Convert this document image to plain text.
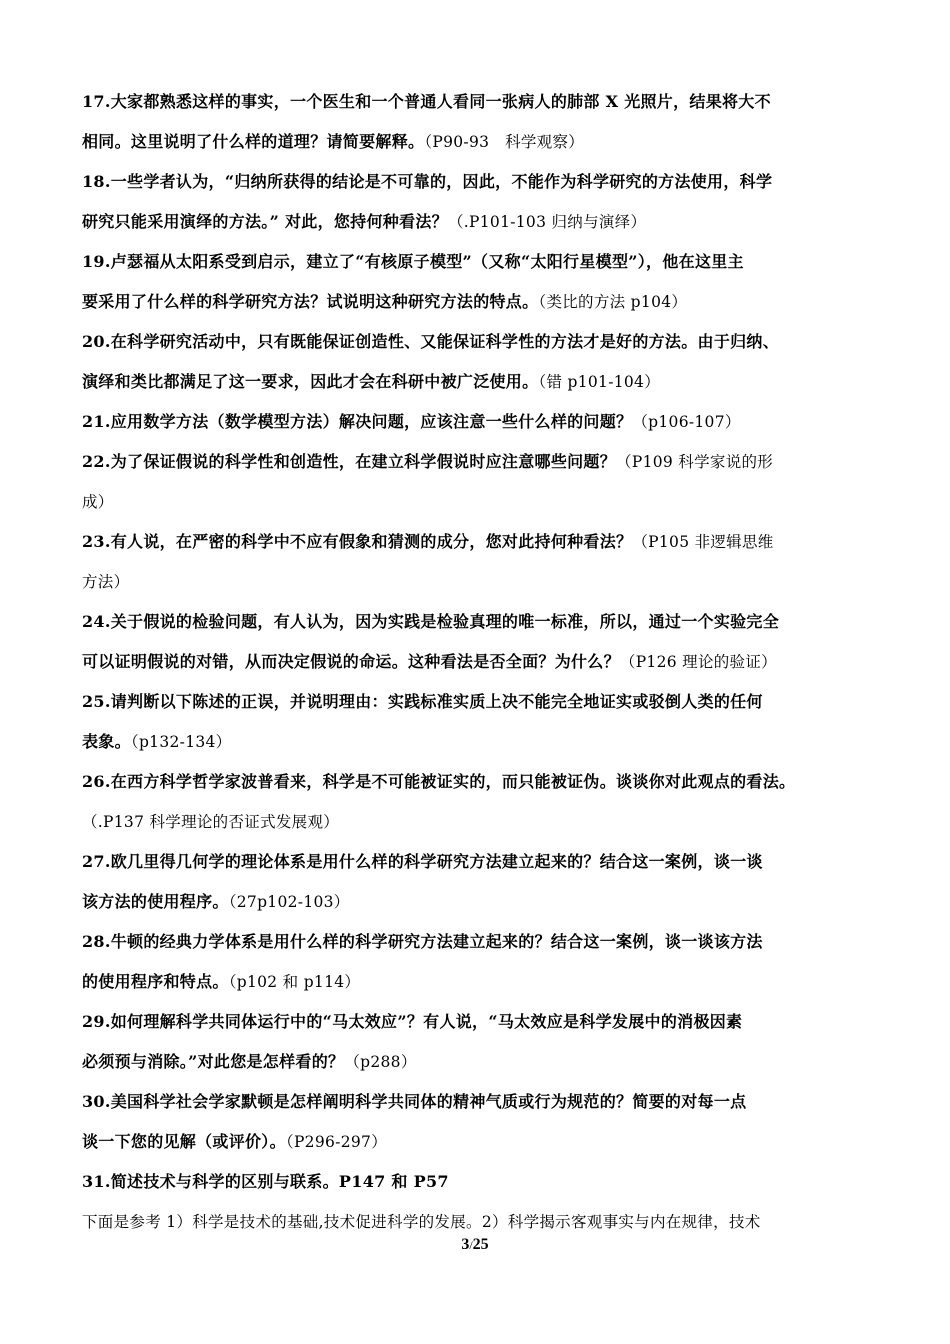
17.大家都熟悉这样的事实，一个医生和一个普通人看同一张病人的肺部 X 光照片，结果将大不
相同。这里说明了什么样的道理？请简要解释。（P90-93　科学观察）
18.一些学者认为，“归纳所获得的结论是不可靠的，因此，不能作为科学研究的方法使用，科学
研究只能采用演绎的方法。” 对此，您持何种看法？（.P101-103 归纳与演绎）
19.卢瑟福从太阳系受到启示，建立了“有核原子模型”（又称“太阳行星模型”），他在这里主
要采用了什么样的科学研究方法？试说明这种研究方法的特点。（类比的方法 p104）
20.在科学研究活动中，只有既能保证创造性、又能保证科学性的方法才是好的方法。由于归纳、
演绎和类比都满足了这一要求，因此才会在科研中被广泛使用。（错 p101-104）
21.应用数学方法（数学模型方法）解决问题，应该注意一些什么样的问题？（p106-107）
22.为了保证假说的科学性和创造性，在建立科学假说时应注意哪些问题？（P109 科学家说的形
成）
23.有人说，在严密的科学中不应有假象和猜测的成分，您对此持何种看法？（P105 非逻辑思维
方法）
24.关于假说的检验问题，有人认为，因为实践是检验真理的唯一标准，所以，通过一个实验完全
可以证明假说的对错，从而决定假说的命运。这种看法是否全面？为什么？（P126 理论的验证）
25.请判断以下陈述的正误，并说明理由：实践标准实质上决不能完全地证实或驳倒人类的任何
表象。（p132-134）
26.在西方科学哲学家波普看来，科学是不可能被证实的，而只能被证伪。谈谈你对此观点的看法。
（.P137 科学理论的否证式发展观）
27.欧几里得几何学的理论体系是用什么样的科学研究方法建立起来的？结合这一案例，谈一谈
该方法的使用程序。（27p102-103）
28.牛顿的经典力学体系是用什么样的科学研究方法建立起来的？结合这一案例，谈一谈该方法
的使用程序和特点。（p102 和 p114）
29.如何理解科学共同体运行中的“马太效应”？有人说，“马太效应是科学发展中的消极因素
必须预与消除。”对此您是怎样看的？（p288）
30.美国科学社会学家默顿是怎样阐明科学共同体的精神气质或行为规范的？简要的对每一点
谈一下您的见解（或评价）。（P296-297）
31.简述技术与科学的区别与联系。P147 和 P57
下面是参考 1）科学是技术的基础,技术促进科学的发展。2）科学揭示客观事实与内在规律，技术
3/25
